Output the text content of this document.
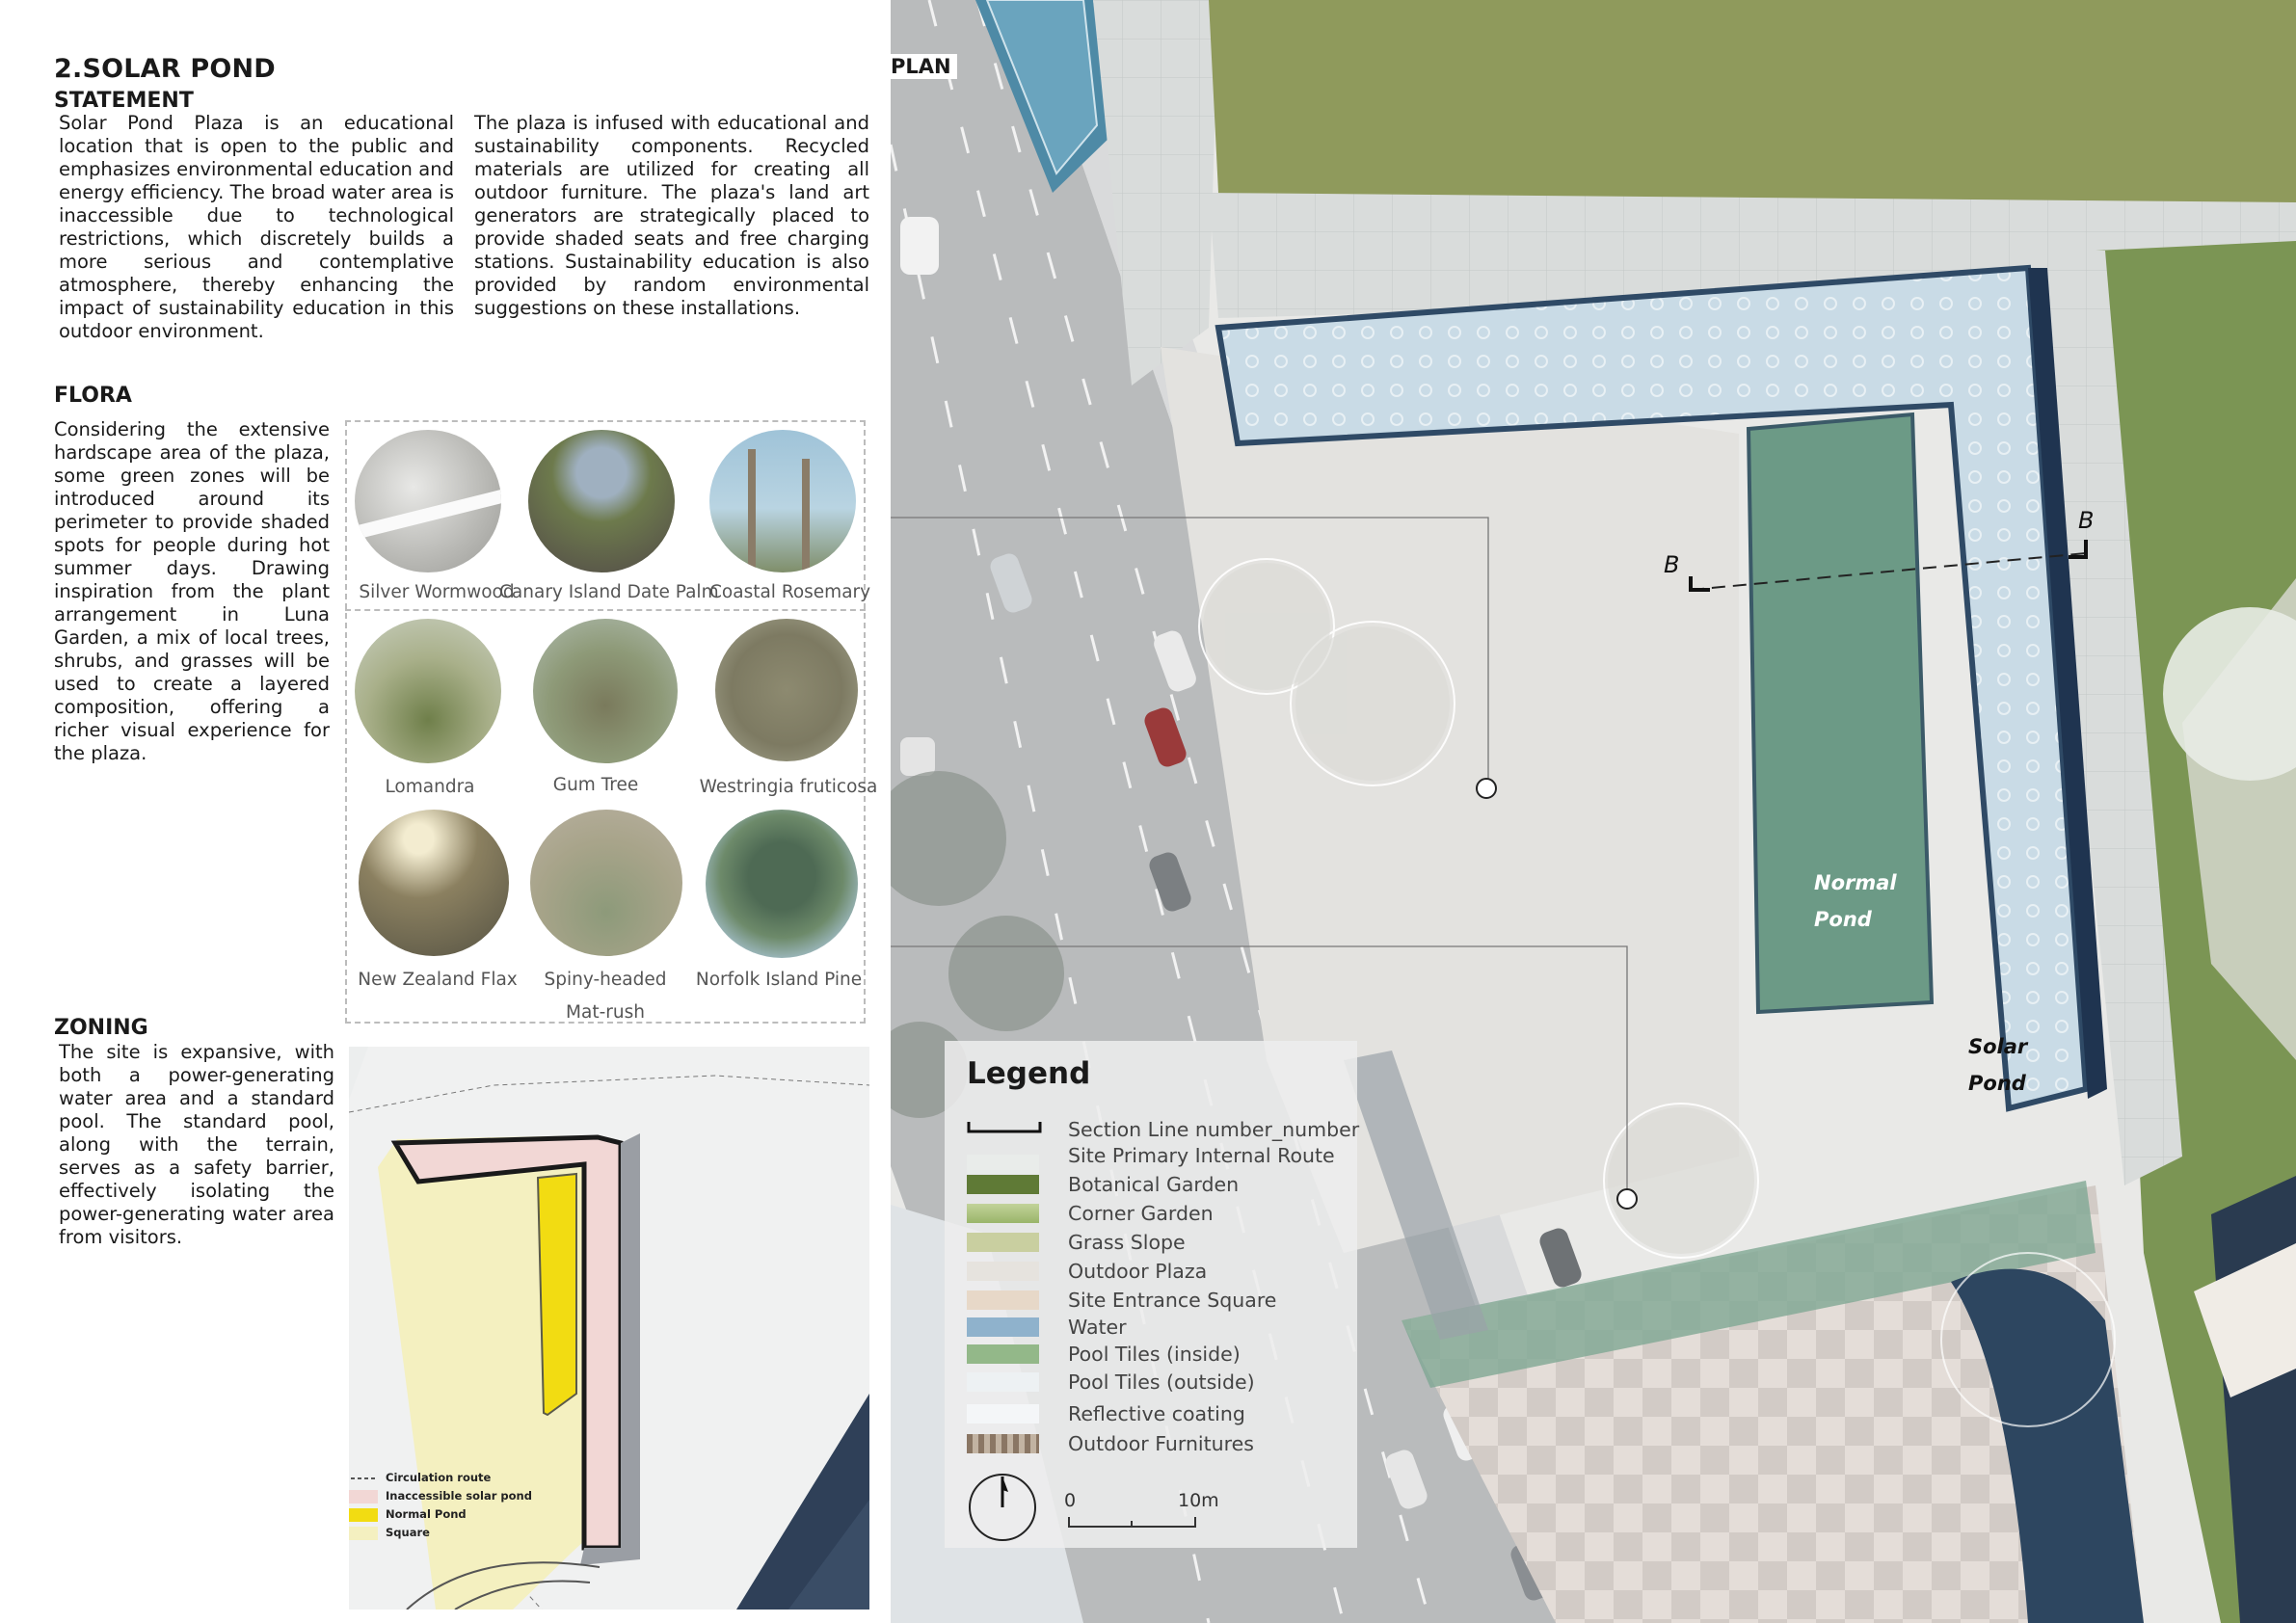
2.SOLAR POND
STATEMENT
Solar Pond Plaza is an educational location that is open to the public and emphasizes environmental education and energy efficiency. The broad water area is inaccessible due to technological restrictions, which discretely builds a more serious and contemplative atmosphere, thereby enhancing the impact of sustainability education in this outdoor environment.
The plaza is infused with educational and sustainability components. Recycled materials are utilized for creating all outdoor furniture. The plaza's land art generators are strategically placed to provide shaded seats and free charging stations. Sustainability education is also provided by random environmental suggestions on these installations.
FLORA
Considering the extensive hardscape area of the plaza, some green zones will be introduced around its perimeter to provide shaded spots for people during hot summer days. Drawing inspiration from the plant arrangement in Luna Garden, a mix of local trees, shrubs, and grasses will be used to create a layered composition, offering a richer visual experience for the plaza.
Silver Wormwood
Canary Island Date Palm
Coastal Rosemary
Lomandra	Gum Tree	Westringia fruticosa
New Zealand Flax	Spiny-headed
Mat-rush
Norfolk Island Pine
ZONING
The site is expansive, with both a power-generating water area and a standard pool. The standard pool, along with the terrain, serves as a safety barrier, effectively isolating the power-generating water area from visitors.
Circulation route
Inaccessible solar pond
Normal Pond
Square
B
B
Normal
Pond
Solar
Pond
PLAN
Legend
Section Line number_number
Site Primary Internal Route
Botanical Garden
Corner Garden
Grass Slope
Outdoor Plaza
Site Entrance Square
Water
Pool Tiles (inside)
Pool Tiles (outside)
Reflective coating
Outdoor Furnitures
0	10m
